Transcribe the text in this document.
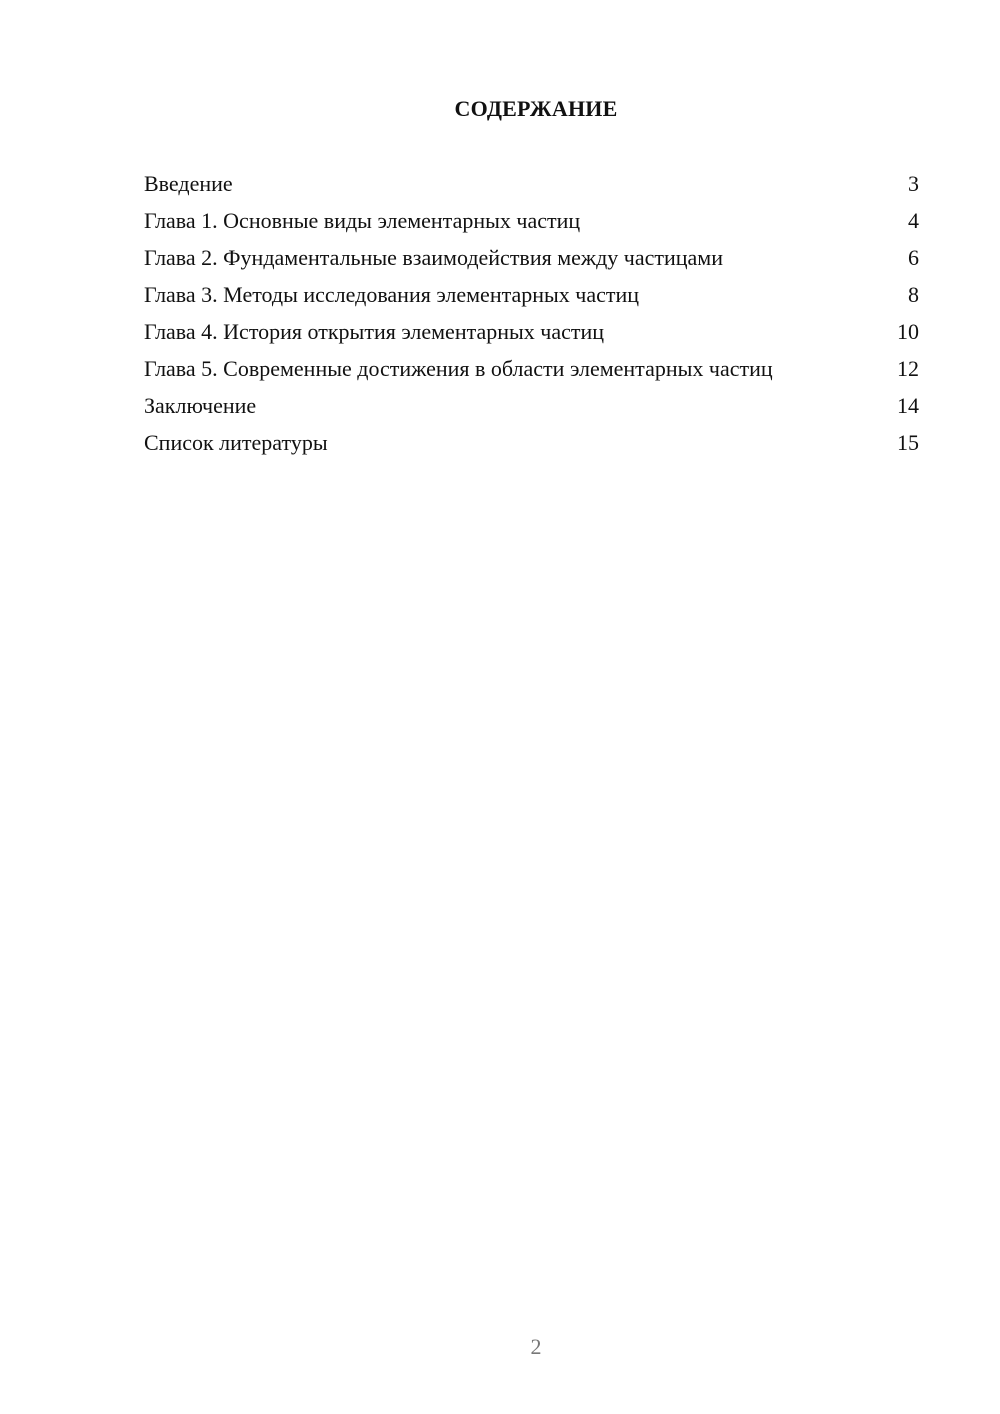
СОДЕРЖАНИЕ
Введение	3
Глава 1. Основные виды элементарных частиц	4
Глава 2. Фундаментальные взаимодействия между частицами	6
Глава 3. Методы исследования элементарных частиц	8
Глава 4. История открытия элементарных частиц	10
Глава 5. Современные достижения в области элементарных частиц	12
Заключение	14
Список литературы	15
2
